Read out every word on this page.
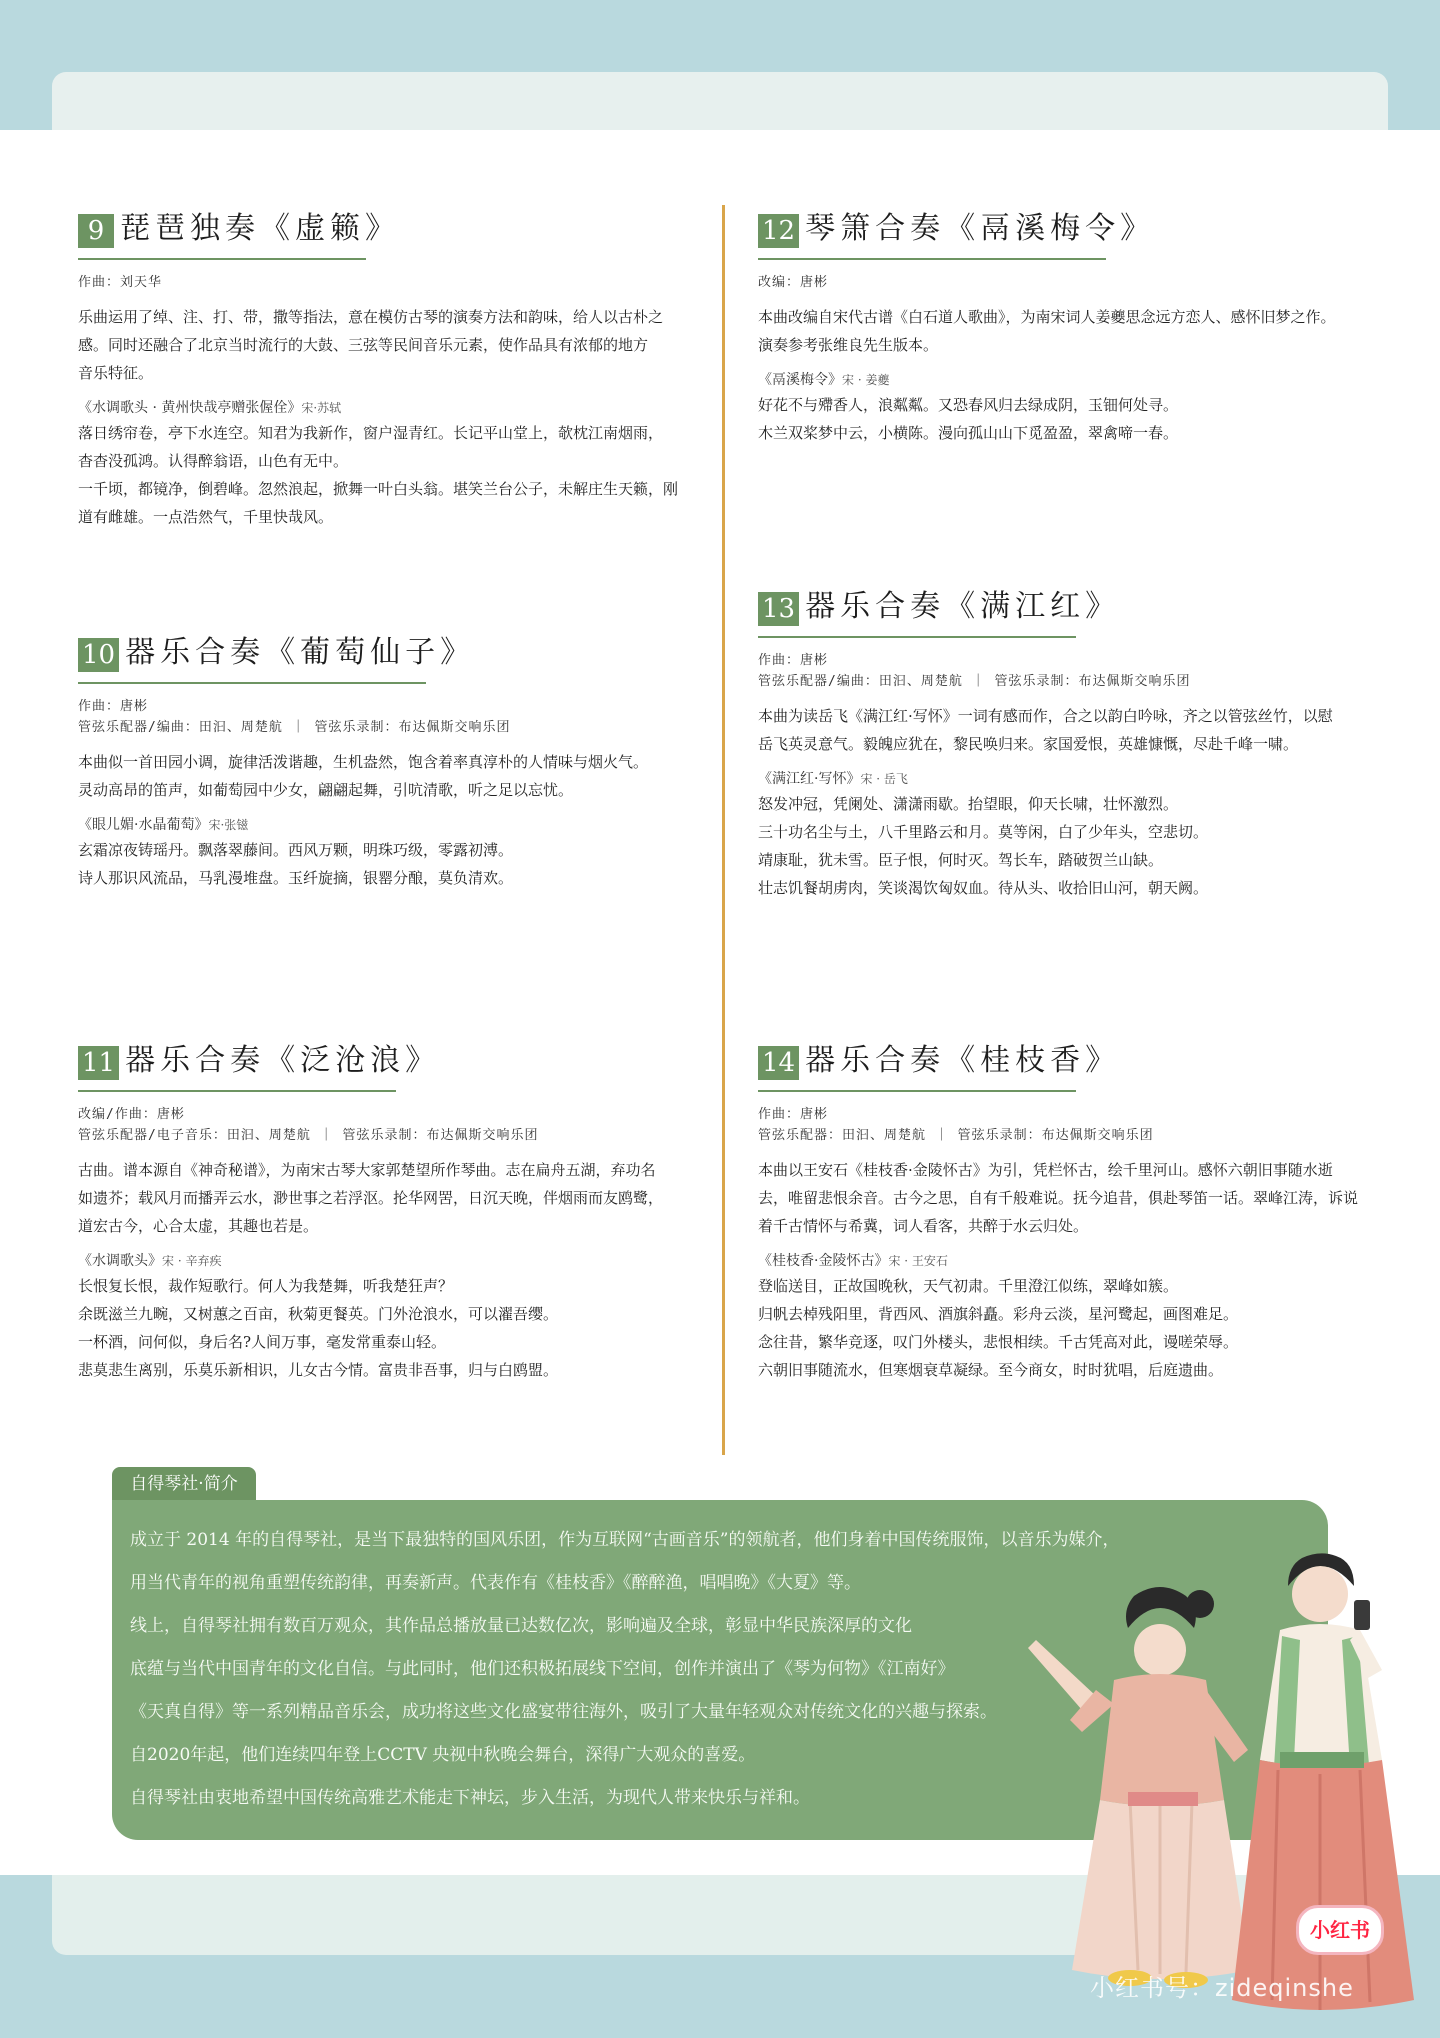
9 琵琶独奏《虚籁》
作曲：刘天华
乐曲运用了绰、注、打、带，撒等指法，意在模仿古琴的演奏方法和韵味，给人以古朴之
感。同时还融合了北京当时流行的大鼓、三弦等民间音乐元素，使作品具有浓郁的地方
音乐特征。
《水调歌头 · 黄州快哉亭赠张偓佺》宋·苏轼
落日绣帘卷，亭下水连空。知君为我新作，窗户湿青红。长记平山堂上，欹枕江南烟雨，
杳杳没孤鸿。认得醉翁语，山色有无中。
一千顷，都镜净，倒碧峰。忽然浪起，掀舞一叶白头翁。堪笑兰台公子，未解庄生天籁，刚
道有雌雄。一点浩然气，千里快哉风。
10 器乐合奏《葡萄仙子》
作曲：唐彬
管弦乐配器/编曲：田汩、周楚航 ｜ 管弦乐录制：布达佩斯交响乐团
本曲似一首田园小调，旋律活泼谐趣，生机盎然，饱含着率真淳朴的人情味与烟火气。
灵动高昂的笛声，如葡萄园中少女，翩翩起舞，引吭清歌，听之足以忘忧。
《眼儿媚·水晶葡萄》宋·张镃
玄霜凉夜铸瑶丹。飘落翠藤间。西风万颗，明珠巧级，零露初溥。
诗人那识风流品，马乳漫堆盘。玉纤旋摘，银罂分酿，莫负清欢。
11 器乐合奏《泛沧浪》
改编/作曲：唐彬
管弦乐配器/电子音乐：田汩、周楚航 ｜ 管弦乐录制：布达佩斯交响乐团
古曲。谱本源自《神奇秘谱》，为南宋古琴大家郭楚望所作琴曲。志在扁舟五湖，弃功名
如遗芥；载风月而播弄云水，渺世事之若浮沤。抡华网罟，日沉天晚，伴烟雨而友鸥鹭，
道宏古今，心合太虚，其趣也若是。
《水调歌头》宋 · 辛弃疾
长恨复长恨，裁作短歌行。何人为我楚舞，听我楚狂声？
余既滋兰九畹，又树蕙之百亩，秋菊更餐英。门外沧浪水，可以濯吾缨。
一杯酒，问何似，身后名?人间万事，毫发常重泰山轻。
悲莫悲生离别，乐莫乐新相识，儿女古今情。富贵非吾事，归与白鸥盟。
12 琴箫合奏《鬲溪梅令》
改编：唐彬
本曲改编自宋代古谱《白石道人歌曲》，为南宋词人姜夔思念远方恋人、感怀旧梦之作。
演奏参考张维良先生版本。
《鬲溪梅令》宋 · 姜夔
好花不与殢香人，浪粼粼。又恐春风归去绿成阴，玉钿何处寻。
木兰双桨梦中云，小横陈。漫向孤山山下觅盈盈，翠禽啼一春。
13 器乐合奏《满江红》
作曲：唐彬
管弦乐配器/编曲：田汩、周楚航 ｜ 管弦乐录制：布达佩斯交响乐团
本曲为读岳飞《满江红·写怀》一词有感而作，合之以韵白吟咏，齐之以管弦丝竹，以慰
岳飞英灵意气。毅魄应犹在，黎民唤归来。家国爱恨，英雄慷慨，尽赴千峰一啸。
《满江红·写怀》宋 · 岳飞
怒发冲冠，凭阑处、潇潇雨歇。抬望眼，仰天长啸，壮怀激烈。
三十功名尘与土，八千里路云和月。莫等闲，白了少年头，空悲切。
靖康耻，犹未雪。臣子恨，何时灭。驾长车，踏破贺兰山缺。
壮志饥餐胡虏肉，笑谈渴饮匈奴血。待从头、收拾旧山河，朝天阙。
14 器乐合奏《桂枝香》
作曲：唐彬
管弦乐配器：田汩、周楚航 ｜ 管弦乐录制：布达佩斯交响乐团
本曲以王安石《桂枝香·金陵怀古》为引，凭栏怀古，绘千里河山。感怀六朝旧事随水逝
去，唯留悲恨余音。古今之思，自有千般难说。抚今追昔，俱赴琴笛一话。翠峰江涛，诉说
着千古情怀与希冀，词人看客，共醉于水云归处。
《桂枝香·金陵怀古》宋 · 王安石
登临送目，正故国晚秋，天气初肃。千里澄江似练，翠峰如簇。
归帆去棹残阳里，背西风、酒旗斜矗。彩舟云淡，星河鹭起，画图难足。
念往昔，繁华竞逐，叹门外楼头，悲恨相续。千古凭高对此，谩嗟荣辱。
六朝旧事随流水，但寒烟衰草凝绿。至今商女，时时犹唱，后庭遗曲。
自得琴社·简介
成立于 2014 年的自得琴社，是当下最独特的国风乐团，作为互联网“古画音乐”的领航者，他们身着中国传统服饰，以音乐为媒介，
用当代青年的视角重塑传统韵律，再奏新声。代表作有《桂枝香》《醉醉渔，唱唱晚》《大夏》等。
线上，自得琴社拥有数百万观众，其作品总播放量已达数亿次，影响遍及全球，彰显中华民族深厚的文化
底蕴与当代中国青年的文化自信。与此同时，他们还积极拓展线下空间，创作并演出了《琴为何物》《江南好》
《天真自得》等一系列精品音乐会，成功将这些文化盛宴带往海外，吸引了大量年轻观众对传统文化的兴趣与探索。
自2020年起，他们连续四年登上CCTV 央视中秋晚会舞台，深得广大观众的喜爱。
自得琴社由衷地希望中国传统高雅艺术能走下神坛，步入生活，为现代人带来快乐与祥和。
小红书
小红书号：zideqinshe
